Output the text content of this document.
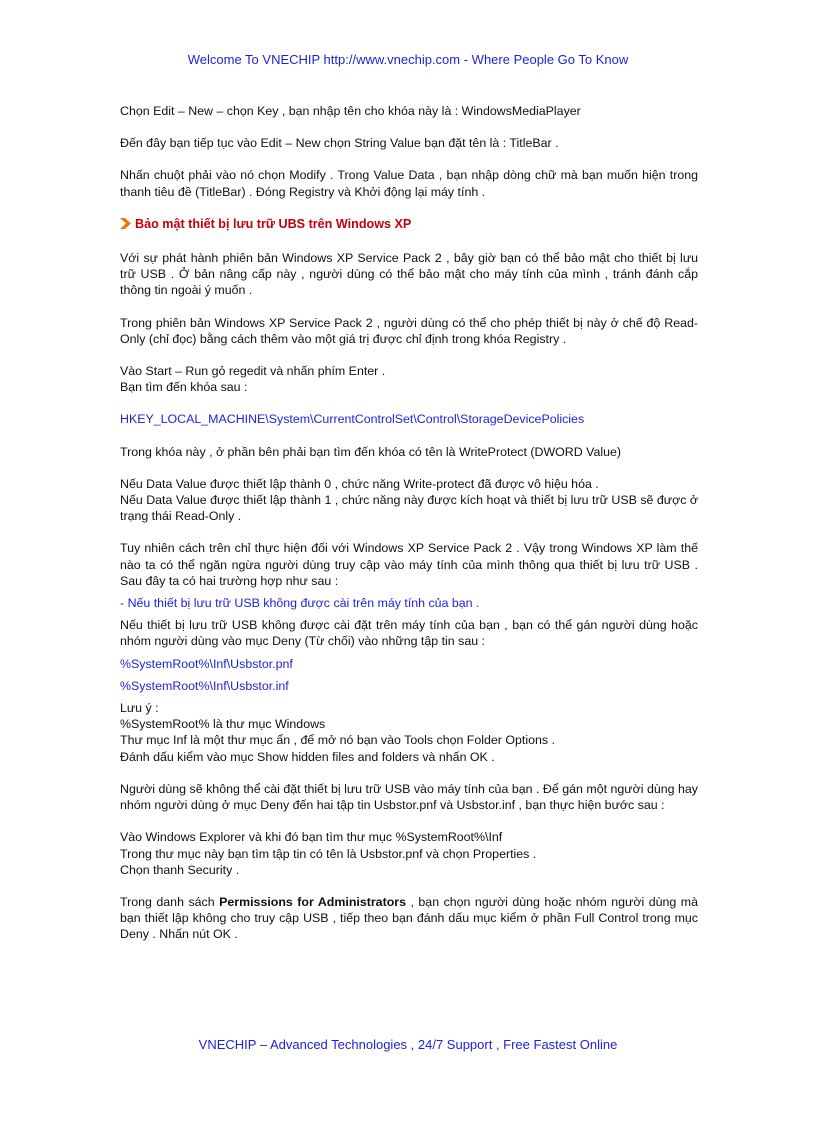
Welcome To VNECHIP http://www.vnechip.com - Where People Go To Know

Chọn Edit – New – chọn Key , bạn nhập tên cho khóa này là : WindowsMediaPlayer

Đến đây bạn tiếp tục vào Edit – New chọn String Value bạn đặt tên là : TitleBar .

Nhấn chuột phải vào nó chọn Modify . Trong Value Data , bạn nhập dòng chữ mà bạn muốn hiện trong thanh tiêu đề (TitleBar) . Đóng Registry và Khởi động lại máy tính .

Bảo mật thiết bị lưu trữ UBS trên Windows XP

Với sự phát hành phiên bản Windows XP Service Pack 2 , bây giờ bạn có thể bảo mật cho thiết bị lưu trữ USB . Ở bản nâng cấp này , người dùng có thể bảo mật cho máy tính của mình , tránh đánh cắp thông tin ngoài ý muốn .

Trong phiên bản Windows XP Service Pack 2 , người dùng có thể cho phép thiết bị này ở chế độ Read-Only (chỉ đọc) bằng cách thêm vào một giá trị được chỉ định trong khóa Registry .

Vào Start – Run gỏ regedit và nhấn phím Enter .
Bạn tìm đến khóa sau :

HKEY_LOCAL_MACHINE\System\CurrentControlSet\Control\StorageDevicePolicies

Trong khóa này , ở phần bên phải bạn tìm đến khóa có tên là WriteProtect (DWORD Value)

Nếu Data Value được thiết lập thành 0 , chức năng Write-protect đã được vô hiệu hóa .
Nếu Data Value được thiết lập thành 1 , chức năng này được kích hoạt và thiết bị lưu trữ USB sẽ được ở trạng thái Read-Only .

Tuy nhiên cách trên chỉ thực hiện đối với Windows XP Service Pack 2 . Vậy trong Windows XP làm thế nào ta có thể ngăn ngừa người dùng truy cập vào máy tính của mình thông qua thiết bị lưu trữ USB . Sau đây ta có hai trường hợp như sau :

- Nếu thiết bị lưu trữ USB không được cài trên máy tính của bạn .

Nếu thiết bị lưu trữ USB không được cài đặt trên máy tính của bạn , bạn có thể gán người dùng hoặc nhóm người dùng vào mục Deny (Từ chối) vào những tập tin sau :

%SystemRoot%\Inf\Usbstor.pnf

%SystemRoot%\Inf\Usbstor.inf

Lưu ý :
%SystemRoot% là thư mục Windows
Thư mục Inf là một thư mục ẩn , để mở nó bạn vào Tools chọn Folder Options .
Đánh dấu kiểm vào mục Show hidden files and folders và nhấn OK .

Người dùng sẽ không thể cài đặt thiết bị lưu trữ USB vào máy tính của bạn . Để gán một người dùng hay nhóm người dùng ở mục Deny đến hai tập tin Usbstor.pnf và Usbstor.inf , bạn thực hiện bước sau :

Vào Windows Explorer và khi đó bạn tìm thư mục %SystemRoot%\Inf
Trong thư mục này bạn tìm tập tin có tên là Usbstor.pnf và chọn Properties .
Chọn thanh Security .

Trong danh sách Permissions for Administrators , bạn chọn người dùng hoặc nhóm người dùng mà bạn thiết lập không cho truy cập USB , tiếp theo bạn đánh dấu mục kiểm ở phần Full Control trong mục Deny . Nhấn nút OK .

VNECHIP – Advanced Technologies , 24/7 Support , Free Fastest Online
